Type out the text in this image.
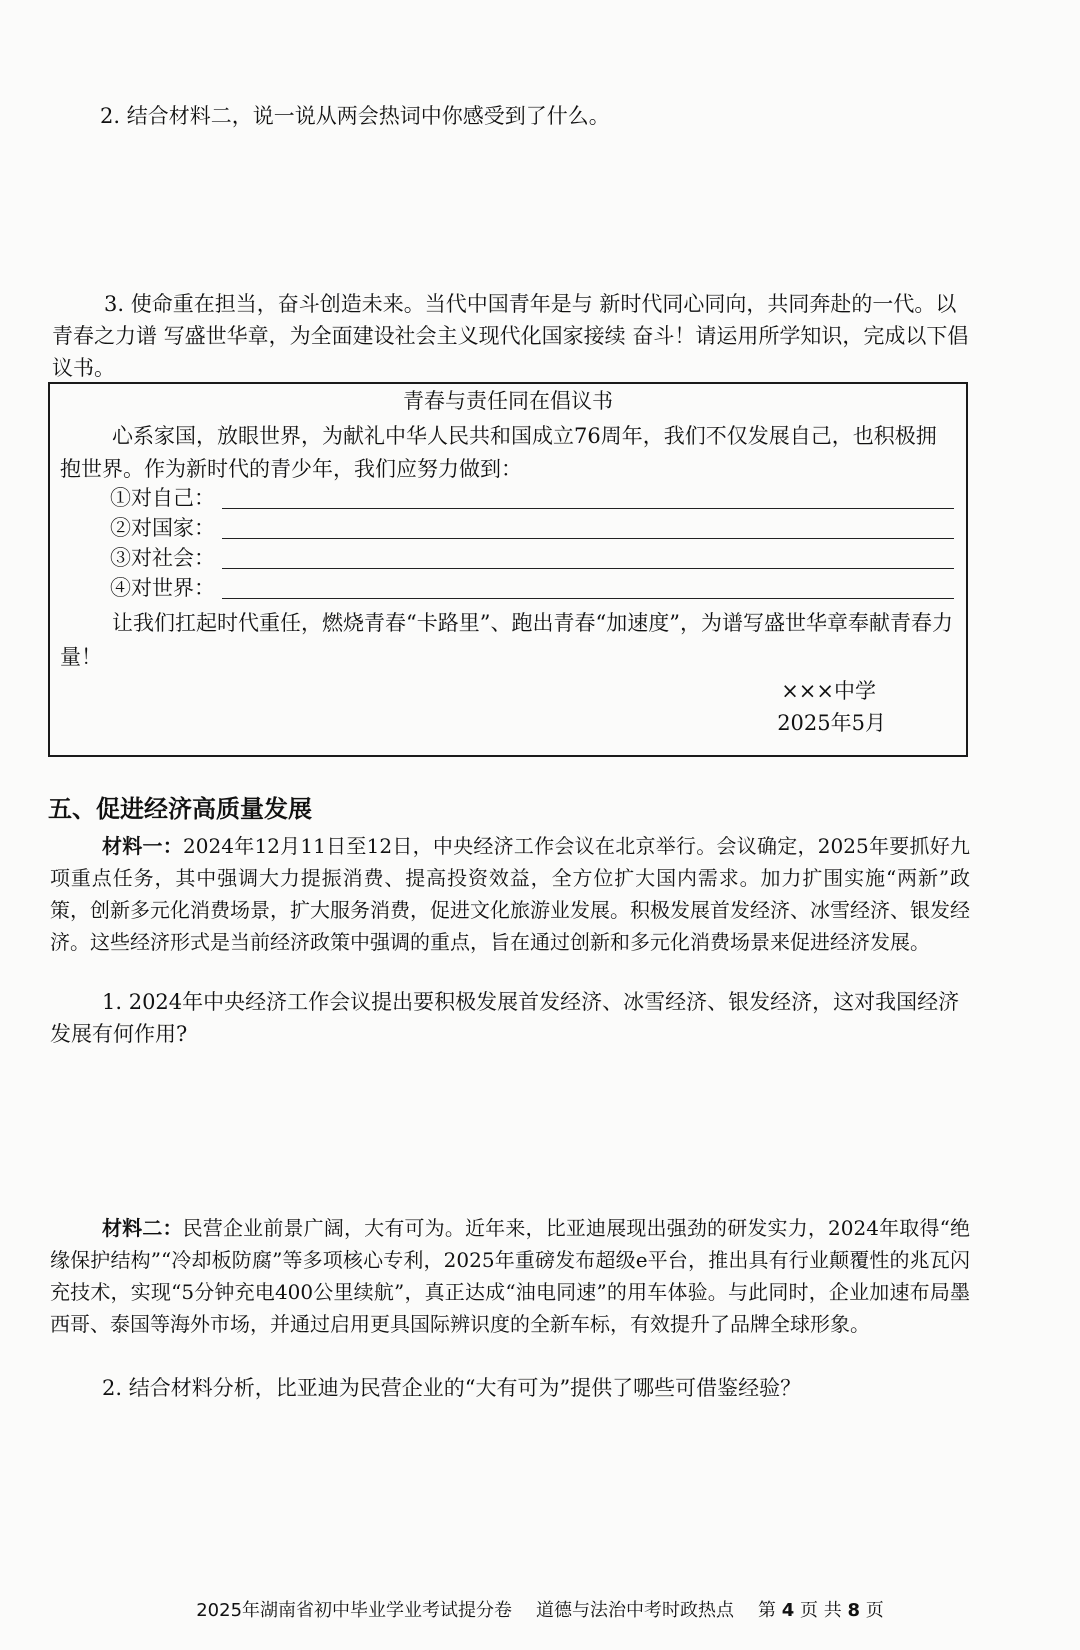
2. 结合材料二，说一说从两会热词中你感受到了什么。
3. 使命重在担当，奋斗创造未来。当代中国青年是与 新时代同心同向，共同奔赴的一代。以青春之力谱 写盛世华章，为全面建设社会主义现代化国家接续 奋斗！请运用所学知识，完成以下倡议书。
青春与责任同在倡议书
心系家国，放眼世界，为献礼中华人民共和国成立76周年，我们不仅发展自己，也积极拥抱世界。作为新时代的青少年，我们应努力做到：
①对自己：
②对国家：
③对社会：
④对世界：
让我们扛起时代重任，燃烧青春“卡路里”、跑出青春“加速度”，为谱写盛世华章奉献青春力量！
×××中学
2025年5月
五、促进经济高质量发展
材料一：2024年12月11日至12日，中央经济工作会议在北京举行。会议确定，2025年要抓好九项重点任务，其中强调大力提振消费、提高投资效益，全方位扩大国内需求。加力扩围实施“两新”政策，创新多元化消费场景，扩大服务消费，促进文化旅游业发展。积极发展首发经济、冰雪经济、银发经济。这些经济形式是当前经济政策中强调的重点，旨在通过创新和多元化消费场景来促进经济发展。
1. 2024年中央经济工作会议提出要积极发展首发经济、冰雪经济、银发经济，这对我国经济发展有何作用?
材料二：民营企业前景广阔，大有可为。近年来，比亚迪展现出强劲的研发实力，2024年取得“绝缘保护结构”“冷却板防腐”等多项核心专利，2025年重磅发布超级e平台，推出具有行业颠覆性的兆瓦闪充技术，实现“5分钟充电400公里续航”，真正达成“油电同速”的用车体验。与此同时，企业加速布局墨西哥、泰国等海外市场，并通过启用更具国际辨识度的全新车标，有效提升了品牌全球形象。
2. 结合材料分析，比亚迪为民营企业的“大有可为”提供了哪些可借鉴经验？
2025年湖南省初中毕业学业考试提分卷 道德与法治中考时政热点 第 4 页 共 8 页
